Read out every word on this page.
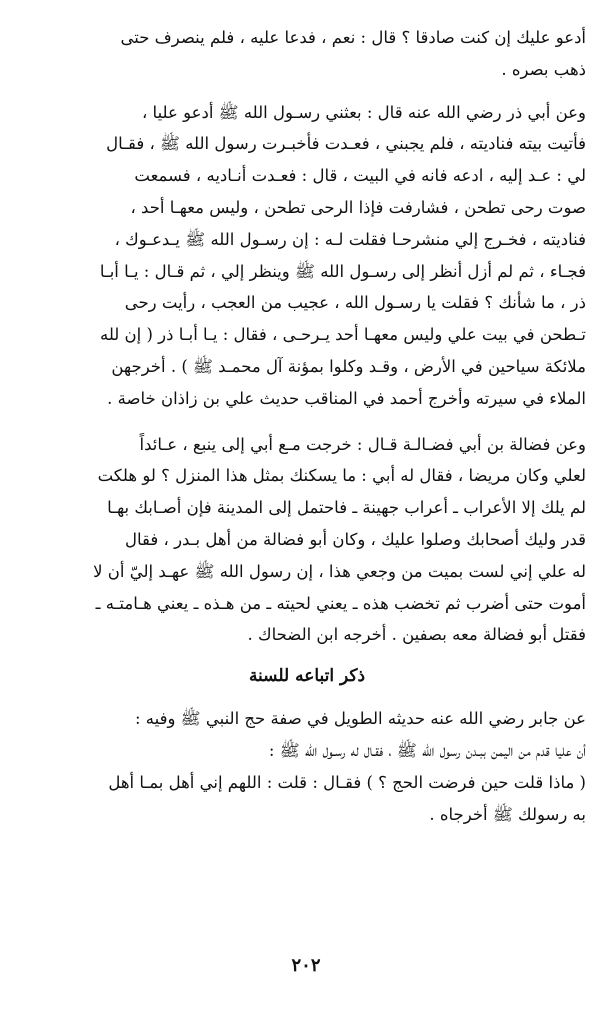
أدعو عليك إن كنت صادقا ؟ قال : نعم ، فدعا عليه ، فلم ينصرف حتى
ذهب بصره .
وعن أبي ذر رضي الله عنه قال : بعثني رسـول الله ﷺ أدعو عليا ،
فأتيت بيته فناديته ، فلم يجبني ، فعـدت فأخبـرت رسول الله ﷺ ، فقـال
لي : عـد إليه ، ادعه فانه في البيت ، قال : فعـدت أنـاديه ، فسمعت
صوت رحى تطحن ، فشارفت فإذا الرحى تطحن ، وليس معهـا أحد ،
فناديته ، فخـرج إلي منشرحـا فقلت لـه : إن رسـول الله ﷺ يـدعـوك ،
فجـاء ، ثم لم أزل أنظر إلى رسـول الله ﷺ وينظر إلي ، ثم قـال : يـا أبـا
ذر ، ما شأنك ؟ فقلت يا رسـول الله ، عجيب من العجب ، رأيت رحى
تـطحن في بيت علي وليس معهـا أحد يـرحـى ، فقال : يـا أبـا ذر ( إن لله
ملائكة سياحين في الأرض ، وقـد وكلوا بمؤنة آل محمـد ﷺ ) . أخرجهن
الملاء في سيرته وأخرج أحمد في المناقب حديث علي بن زاذان خاصة .
وعن فضالة بن أبي فضـالـة قـال : خرجت مـع أبي إلى ينبع ، عـائداً
لعلي وكان مريضا ، فقال له أبي : ما يسكنك بمثل هذا المنزل ؟ لو هلكت
لم يلك إلا الأعراب ـ أعراب جهينة ـ فاحتمل إلى المدينة فإن أصـابك بهـا
قدر وليك أصحابك وصلوا عليك ، وكان أبو فضالة من أهل بـدر ، فقال
له علي إني لست بميت من وجعي هذا ، إن رسول الله ﷺ عهـد إليّ أن لا
أموت حتى أضرب ثم تخضب هذه ـ يعني لحيته ـ من هـذه ـ يعني هـامتـه ـ
فقتل أبو فضالة معه بصفين . أخرجه ابن الضحاك .
ذكر اتباعه للسنة
عن جابر رضي الله عنه حديثه الطويل في صفة حج النبي ﷺ وفيه :
أن عليا قدم من اليمن ببـدن رسول الله ﷺ ، فقـال له رسـول الله ﷺ :
( ماذا قلت حين فرضت الحج ؟ ) فقـال : قلت : اللهم إني أهل بمـا أهل
به رسولك ﷺ أخرجاه .
٢٠٢
